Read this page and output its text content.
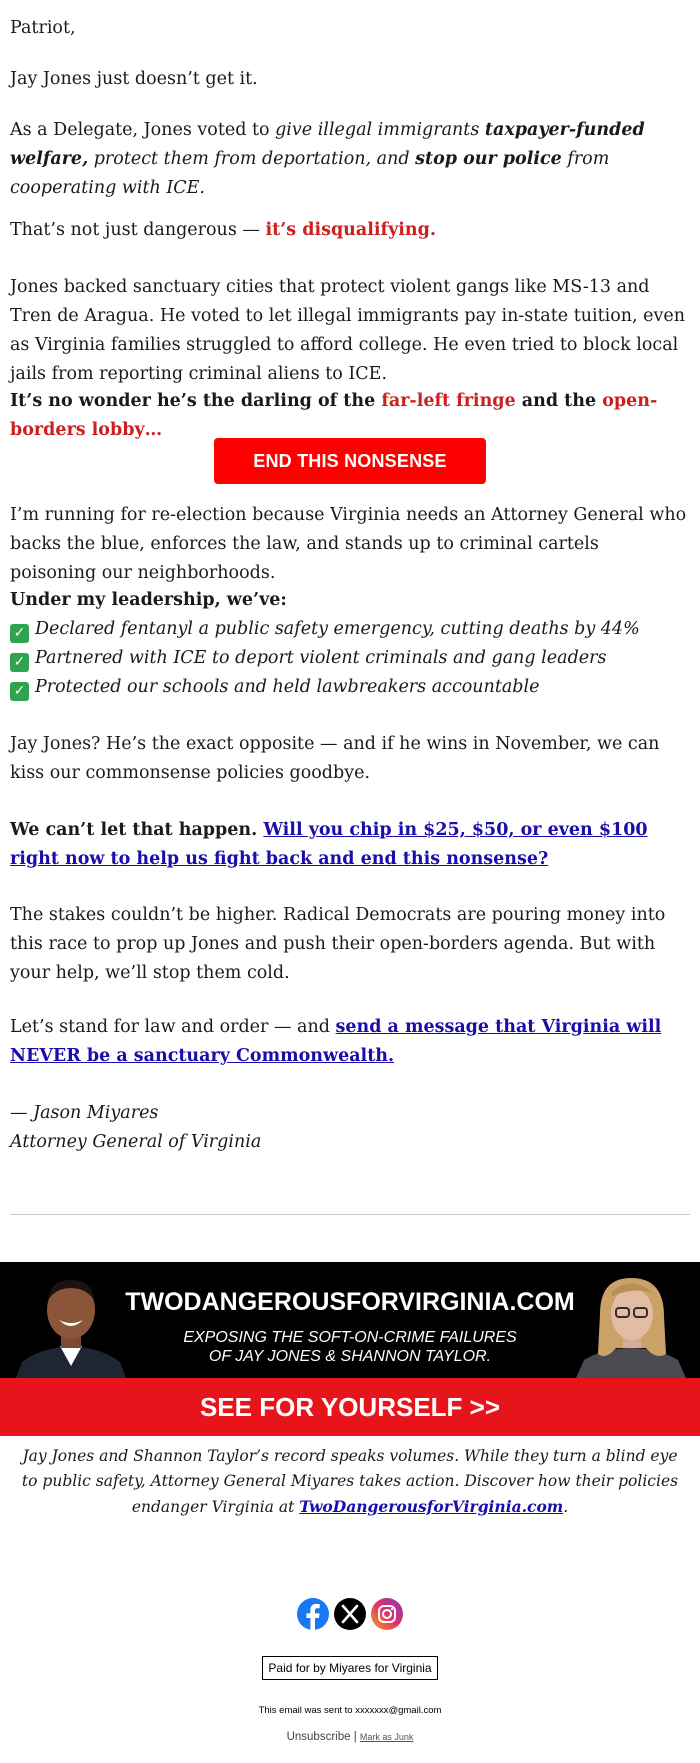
Patriot,

Jay Jones just doesn’t get it.

As a Delegate, Jones voted to give illegal immigrants taxpayer-funded welfare, protect them from deportation, and stop our police from cooperating with ICE.

That’s not just dangerous — it’s disqualifying.

Jones backed sanctuary cities that protect violent gangs like MS-13 and Tren de Aragua. He voted to let illegal immigrants pay in-state tuition, even as Virginia families struggled to afford college. He even tried to block local jails from reporting criminal aliens to ICE.

It’s no wonder he’s the darling of the far-left fringe and the open-borders lobby…

END THIS NONSENSE

I’m running for re-election because Virginia needs an Attorney General who backs the blue, enforces the law, and stands up to criminal cartels poisoning our neighborhoods.

Under my leadership, we’ve:
✓ Declared fentanyl a public safety emergency, cutting deaths by 44%
✓ Partnered with ICE to deport violent criminals and gang leaders
✓ Protected our schools and held lawbreakers accountable

Jay Jones? He’s the exact opposite — and if he wins in November, we can kiss our commonsense policies goodbye.

We can’t let that happen. Will you chip in $25, $50, or even $100 right now to help us fight back and end this nonsense?

The stakes couldn’t be higher. Radical Democrats are pouring money into this race to prop up Jones and push their open-borders agenda. But with your help, we’ll stop them cold.

Let’s stand for law and order — and send a message that Virginia will NEVER be a sanctuary Commonwealth.

— Jason Miyares
Attorney General of Virginia
TWODANGEROUSFORVIRGINIA.COM
EXPOSING THE SOFT-ON-CRIME FAILURES
OF JAY JONES & SHANNON TAYLOR.
SEE FOR YOURSELF >>
Jay Jones and Shannon Taylor’s record speaks volumes. While they turn a blind eye to public safety, Attorney General Miyares takes action. Discover how their policies endanger Virginia at TwoDangerousforVirginia.com.
Paid for by Miyares for Virginia
This email was sent to xxxxxxx@gmail.com
Unsubscribe | Mark as Junk
